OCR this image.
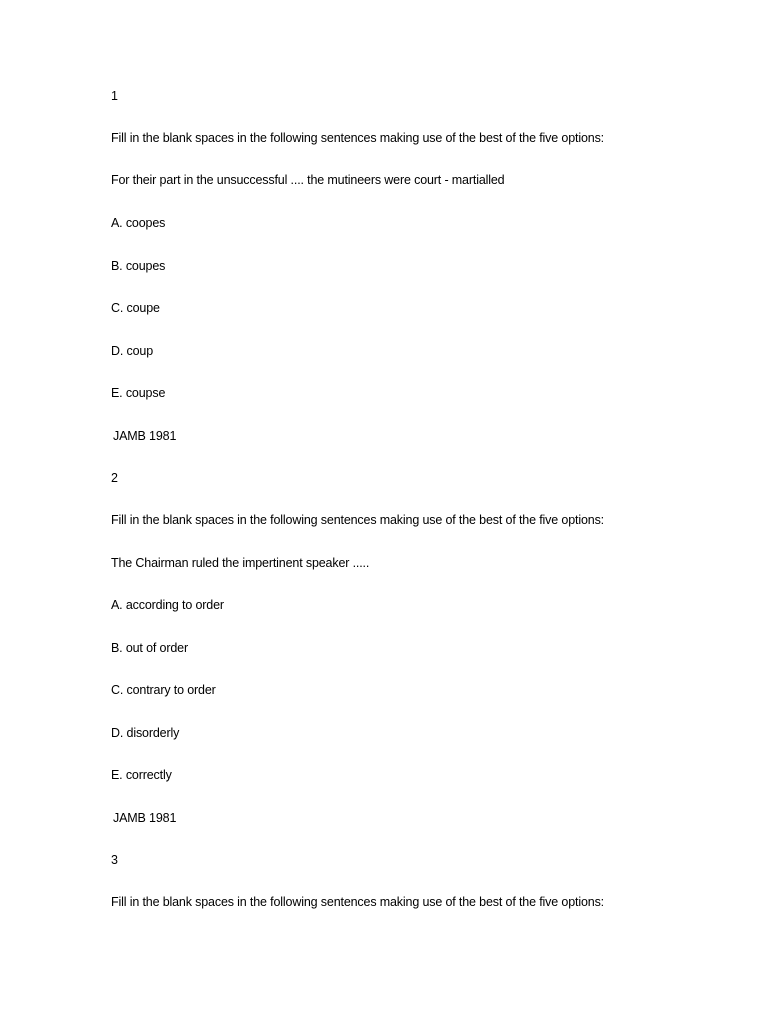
1
Fill in the blank spaces in the following sentences making use of the best of the five options:
For their part in the unsuccessful .... the mutineers were court - martialled
A. coopes
B. coupes
C. coupe
D. coup
E. coupse
JAMB 1981
2
Fill in the blank spaces in the following sentences making use of the best of the five options:
The Chairman ruled the impertinent speaker .....
A. according to order
B. out of order
C. contrary to order
D. disorderly
E. correctly
JAMB 1981
3
Fill in the blank spaces in the following sentences making use of the best of the five options:
